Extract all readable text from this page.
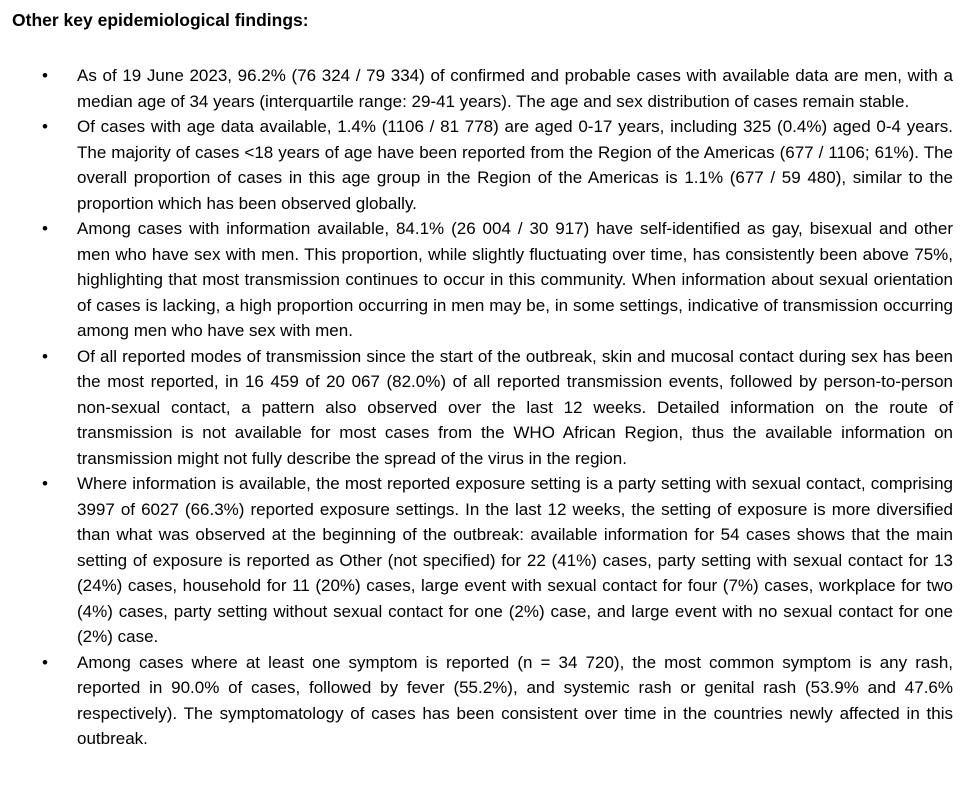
Other key epidemiological findings:

•	As of 19 June 2023, 96.2% (76 324 / 79 334) of confirmed and probable cases with available data are men, with a median age of 34 years (interquartile range: 29-41 years). The age and sex distribution of cases remain stable.
•	Of cases with age data available, 1.4% (1106 / 81 778) are aged 0-17 years, including 325 (0.4%) aged 0-4 years. The majority of cases <18 years of age have been reported from the Region of the Americas (677 / 1106; 61%). The overall proportion of cases in this age group in the Region of the Americas is 1.1% (677 / 59 480), similar to the proportion which has been observed globally.
•	Among cases with information available, 84.1% (26 004 / 30 917) have self-identified as gay, bisexual and other men who have sex with men. This proportion, while slightly fluctuating over time, has consistently been above 75%, highlighting that most transmission continues to occur in this community. When information about sexual orientation of cases is lacking, a high proportion occurring in men may be, in some settings, indicative of transmission occurring among men who have sex with men.
•	Of all reported modes of transmission since the start of the outbreak, skin and mucosal contact during sex has been the most reported, in 16 459 of 20 067 (82.0%) of all reported transmission events, followed by person-to-person non-sexual contact, a pattern also observed over the last 12 weeks. Detailed information on the route of transmission is not available for most cases from the WHO African Region, thus the available information on transmission might not fully describe the spread of the virus in the region.
•	Where information is available, the most reported exposure setting is a party setting with sexual contact, comprising 3997 of 6027 (66.3%) reported exposure settings. In the last 12 weeks, the setting of exposure is more diversified than what was observed at the beginning of the outbreak: available information for 54 cases shows that the main setting of exposure is reported as Other (not specified) for 22 (41%) cases, party setting with sexual contact for 13 (24%) cases, household for 11 (20%) cases, large event with sexual contact for four (7%) cases, workplace for two (4%) cases, party setting without sexual contact for one (2%) case, and large event with no sexual contact for one (2%) case.
•	Among cases where at least one symptom is reported (n = 34 720), the most common symptom is any rash, reported in 90.0% of cases, followed by fever (55.2%), and systemic rash or genital rash (53.9% and 47.6% respectively). The symptomatology of cases has been consistent over time in the countries newly affected in this outbreak.
